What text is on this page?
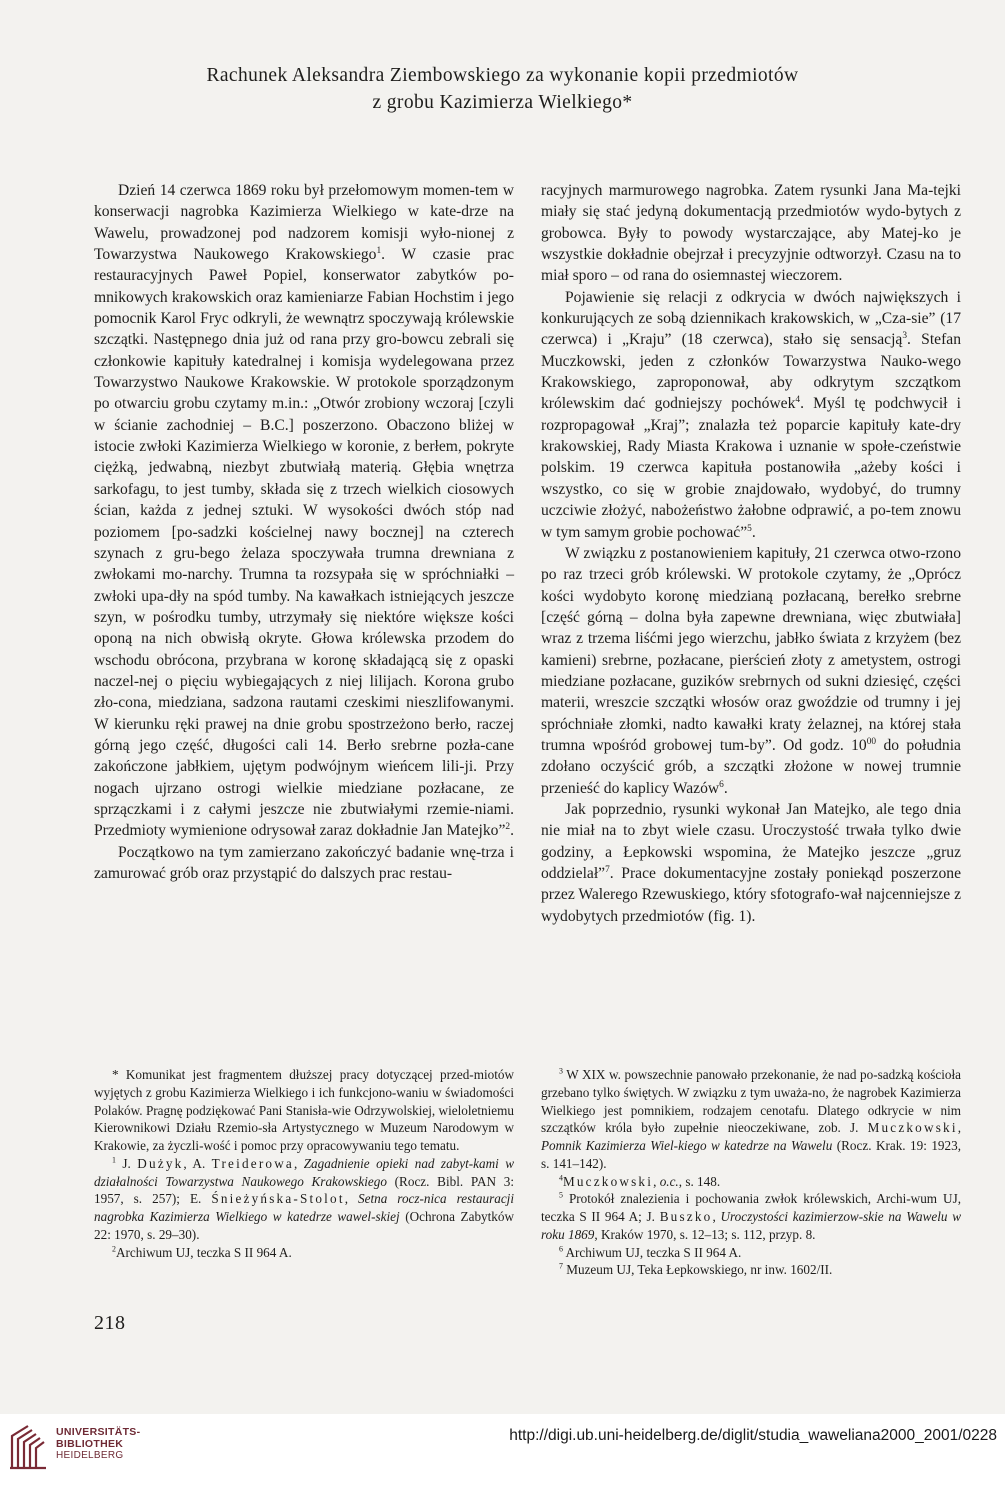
Rachunek Aleksandra Ziembowskiego za wykonanie kopii przedmiotów
z grobu Kazimierza Wielkiego*

Dzień 14 czerwca 1869 roku był przełomowym momen-tem w konserwacji nagrobka Kazimierza Wielkiego w kate-drze na Wawelu, prowadzonej pod nadzorem komisji wyło-nionej z Towarzystwa Naukowego Krakowskiego$^1$. W czasie prac restauracyjnych Paweł Popiel, konserwator zabytków po-mnikowych krakowskich oraz kamieniarze Fabian Hochstim i jego pomocnik Karol Fryc odkryli, że wewnątrz spoczywają królewskie szczątki. Następnego dnia już od rana przy gro-bowcu zebrali się członkowie kapituły katedralnej i komisja wydelegowana przez Towarzystwo Naukowe Krakowskie. W protokole sporządzonym po otwarciu grobu czytamy m.in.: „Otwór zrobiony wczoraj [czyli w ścianie zachodniej – B.C.] poszerzono. Obaczono bliżej w istocie zwłoki Kazimierza Wielkiego w koronie, z berłem, pokryte ciężką, jedwabną, niezbyt zbutwiałą materią. Głębia wnętrza sarkofagu, to jest tumby, składa się z trzech wielkich ciosowych ścian, każda z jednej sztuki. W wysokości dwóch stóp nad poziomem [po-sadzki kościelnej nawy bocznej] na czterech szynach z gru-bego żelaza spoczywała trumna drewniana z zwłokami mo-narchy. Trumna ta rozsypała się w spróchniałki – zwłoki upa-dły na spód tumby. Na kawałkach istniejących jeszcze szyn, w pośrodku tumby, utrzymały się niektóre większe kości oponą na nich obwisłą okryte. Głowa królewska przodem do wschodu obrócona, przybrana w koronę składającą się z opaski naczel-nej o pięciu wybiegających z niej lilijach. Korona grubo zło-cona, miedziana, sadzona rautami czeskimi nieszlifowanymi. W kierunku ręki prawej na dnie grobu spostrzeżono berło, raczej górną jego część, długości cali 14. Berło srebrne pozła-cane zakończone jabłkiem, ujętym podwójnym wieńcem lili-ji. Przy nogach ujrzano ostrogi wielkie miedziane pozłacane, ze sprzączkami i z całymi jeszcze nie zbutwiałymi rzemie-niami. Przedmioty wymienione odrysował zaraz dokładnie Jan Matejko”$^2$.

Początkowo na tym zamierzano zakończyć badanie wnę-trza i zamurować grób oraz przystąpić do dalszych prac restau-

racyjnych marmurowego nagrobka. Zatem rysunki Jana Ma-tejki miały się stać jedyną dokumentacją przedmiotów wydo-bytych z grobowca. Były to powody wystarczające, aby Matej-ko je wszystkie dokładnie obejrzał i precyzyjnie odtworzył. Czasu na to miał sporo – od rana do osiemnastej wieczorem.

Pojawienie się relacji z odkrycia w dwóch największych i konkurujących ze sobą dziennikach krakowskich, w „Cza-sie” (17 czerwca) i „Kraju” (18 czerwca), stało się sensacją$^3$. Stefan Muczkowski, jeden z członków Towarzystwa Nauko-wego Krakowskiego, zaproponował, aby odkrytym szczątkom królewskim dać godniejszy pochówek$^4$. Myśl tę podchwycił i rozpropagował „Kraj”; znalazła też poparcie kapituły kate-dry krakowskiej, Rady Miasta Krakowa i uznanie w społe-czeństwie polskim. 19 czerwca kapituła postanowiła „ażeby kości i wszystko, co się w grobie znajdowało, wydobyć, do trumny uczciwie złożyć, nabożeństwo żałobne odprawić, a po-tem znowu w tym samym grobie pochować”$^5$.

W związku z postanowieniem kapituły, 21 czerwca otwo-rzono po raz trzeci grób królewski. W protokole czytamy, że „Oprócz kości wydobyto koronę miedzianą pozłacaną, berełko srebrne [część górną – dolna była zapewne drewniana, więc zbutwiała] wraz z trzema liśćmi jego wierzchu, jabłko świata z krzyżem (bez kamieni) srebrne, pozłacane, pierścień złoty z ametystem, ostrogi miedziane pozłacane, guzików srebrnych od sukni dziesięć, części materii, wreszcie szczątki włosów oraz gwoździe od trumny i jej spróchniałe złomki, nadto kawałki kraty żelaznej, na której stała trumna wpośród grobowej tum-by”. Od godz. $10^{00}$ do południa zdołano oczyścić grób, a szczątki złożone w nowej trumnie przenieść do kaplicy Wazów$^6$.

Jak poprzednio, rysunki wykonał Jan Matejko, ale tego dnia nie miał na to zbyt wiele czasu. Uroczystość trwała tylko dwie godziny, a Łepkowski wspomina, że Matejko jeszcze „gruz oddzielał”$^7$. Prace dokumentacyjne zostały poniekąd poszerzone przez Walerego Rzewuskiego, który sfotografo-wał najcenniejsze z wydobytych przedmiotów (fig. 1).

* Komunikat jest fragmentem dłuższej pracy dotyczącej przed-miotów wyjętych z grobu Kazimierza Wielkiego i ich funkcjono-waniu w świadomości Polaków. Pragnę podziękować Pani Stanisła-wie Odrzywolskiej, wieloletniemu Kierownikowi Działu Rzemio-sła Artystycznego w Muzeum Narodowym w Krakowie, za życzli-wość i pomoc przy opracowywaniu tego tematu.

$^1$ J. Dużyk, A. Treiderowa, Zagadnienie opieki nad zabyt-kami w działalności Towarzystwa Naukowego Krakowskiego (Rocz. Bibl. PAN 3: 1957, s. 257); E. Śnieżyńska-Stolot, Setna rocz-nica restauracji nagrobka Kazimierza Wielkiego w katedrze wawel-skiej (Ochrona Zabytków 22: 1970, s. 29–30).

$^2$Archiwum UJ, teczka S II 964 A.

$^3$ W XIX w. powszechnie panowało przekonanie, że nad po-sadzką kościoła grzebano tylko świętych. W związku z tym uważa-no, że nagrobek Kazimierza Wielkiego jest pomnikiem, rodzajem cenotafu. Dlatego odkrycie w nim szczątków króla było zupełnie nieoczekiwane, zob. J. Muczkowski, Pomnik Kazimierza Wiel-kiego w katedrze na Wawelu (Rocz. Krak. 19: 1923, s. 141–142).

$^4$Muczkowski, o.c., s. 148.

$^5$ Protokół znalezienia i pochowania zwłok królewskich, Archi-wum UJ, teczka S II 964 A; J. Buszko, Uroczystości kazimierzow-skie na Wawelu w roku 1869, Kraków 1970, s. 12–13; s. 112, przyp. 8.

$^6$ Archiwum UJ, teczka S II 964 A.

$^7$ Muzeum UJ, Teka Łepkowskiego, nr inw. 1602/II.

218
UNIVERSITÄTS-
BIBLIOTHEK
HEIDELBERG
http://digi.ub.uni-heidelberg.de/diglit/studia_waweliana2000_2001/0228
